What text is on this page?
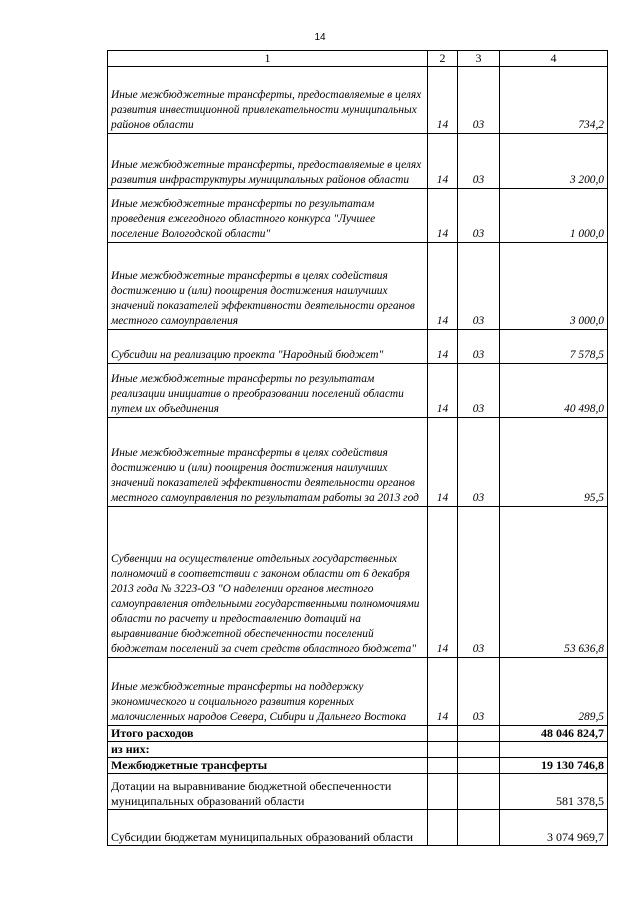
14
1	2	3	4
Иные межбюджетные трансферты, предоставляемые в целях развития инвестиционной привлекательности муниципальных районов области	14	03	734,2
Иные межбюджетные трансферты, предоставляемые в целях развития инфраструктуры муниципальных районов области	14	03	3 200,0
Иные межбюджетные трансферты по результатам проведения ежегодного областного конкурса "Лучшее поселение Вологодской области"	14	03	1 000,0
Иные межбюджетные трансферты в целях содействия достижению и (или) поощрения достижения наилучших значений показателей эффективности деятельности органов местного самоуправления	14	03	3 000,0
Субсидии на реализацию проекта "Народный бюджет"	14	03	7 578,5
Иные межбюджетные трансферты по результатам реализации инициатив о преобразовании поселений области путем их объединения	14	03	40 498,0
Иные межбюджетные трансферты в целях содействия достижению и (или) поощрения достижения наилучших значений показателей эффективности деятельности органов местного самоуправления по результатам работы за 2013 год	14	03	95,5
Субвенции на осуществление отдельных государственных полномочий в соответствии с законом области от 6 декабря 2013 года № 3223-ОЗ "О наделении органов местного самоуправления отдельными государственными полномочиями области по расчету и предоставлению дотаций на выравнивание бюджетной обеспеченности поселений бюджетам поселений за счет средств областного бюджета"	14	03	53 636,8
Иные межбюджетные трансферты на поддержку экономического и социального развития коренных малочисленных народов Севера, Сибири и Дальнего Востока	14	03	289,5
Итого расходов			48 046 824,7
из них:			
Межбюджетные трансферты			19 130 746,8
Дотации на выравнивание бюджетной обеспеченности муниципальных образований области			581 378,5
Субсидии бюджетам муниципальных образований области			3 074 969,7
